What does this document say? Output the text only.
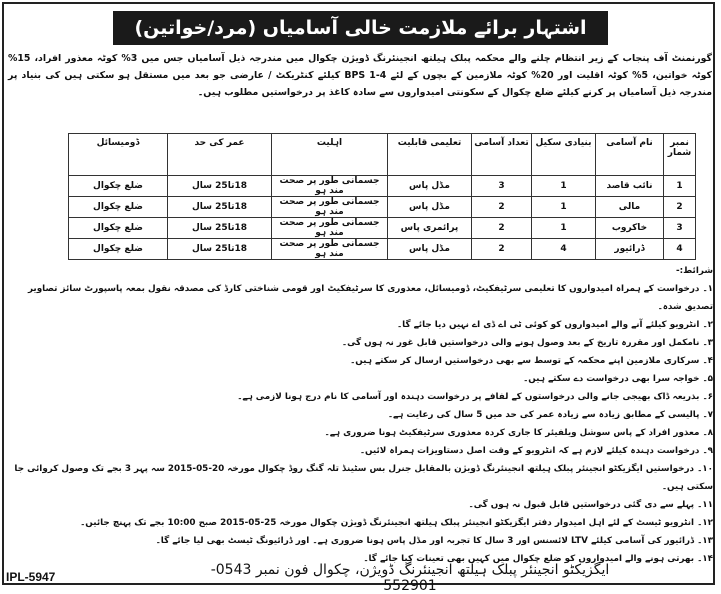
اشتہار برائے ملازمت خالی آسامیاں (مرد/خواتین)
گورنمنٹ آف پنجاب کے زیر انتظام چلنے والے محکمہ پبلک ہیلتھ انجینئرنگ ڈویژن چکوال میں مندرجہ ذیل آسامیاں جس میں 3% کوٹہ معذور افراد، 15% کوٹہ خواتین، 5% کوٹہ اقلیت اور 20% کوٹہ ملازمین کے بچوں کے لئے BPS 1-4 کیلئے کنٹریکٹ / عارضی جو بعد میں مستقل ہو سکتی ہیں کی بنیاد پر مندرجہ ذیل آسامیاں پر کرنے کیلئے ضلع چکوال کے سکونتی امیدواروں سے سادہ کاغذ پر درخواستیں مطلوب ہیں۔
نمبر شمار	نام آسامی	بنیادی سکیل	تعداد آسامی	تعلیمی قابلیت	اہلیت	عمر کی حد	ڈومیسائل
1	نائب قاصد	1	3	مڈل پاس	جسمانی طور پر صحت مند ہو	18تا25 سال	ضلع چکوال
2	مالی	1	2	مڈل پاس	جسمانی طور پر صحت مند ہو	18تا25 سال	ضلع چکوال
3	خاکروب	1	2	پرائمری پاس	جسمانی طور پر صحت مند ہو	18تا25 سال	ضلع چکوال
4	ڈرائیور	4	2	مڈل پاس	جسمانی طور پر صحت مند ہو	18تا25 سال	ضلع چکوال
شرائط:-
۱۔ درخواست کے ہمراہ امیدواروں کا تعلیمی سرٹیفکیٹ، ڈومیسائل، معذوری کا سرٹیفکیٹ اور قومی شناختی کارڈ کی مصدقہ نقول بمعہ پاسپورٹ سائز تصاویر تصدیق شدہ۔
۲۔ انٹرویو کیلئے آنے والے امیدواروں کو کوئی ٹی اے ڈی اے نہیں دیا جائے گا۔
۳۔ نامکمل اور مقررہ تاریخ کے بعد وصول ہونے والی درخواستیں قابل غور نہ ہوں گی۔
۴۔ سرکاری ملازمین اپنے محکمہ کے توسط سے بھی درخواستیں ارسال کر سکتے ہیں۔
۵۔ خواجہ سرا بھی درخواست دے سکتے ہیں۔
۶۔ بذریعہ ڈاک بھیجی جانے والی درخواستوں کے لفافے پر درخواست دہندہ اور آسامی کا نام درج ہونا لازمی ہے۔
۷۔ پالیسی کے مطابق زیادہ سے زیادہ عمر کی حد میں 5 سال کی رعایت ہے۔
۸۔ معذور افراد کے پاس سوشل ویلفیئر کا جاری کردہ معذوری سرٹیفکیٹ ہونا ضروری ہے۔
۹۔ درخواست دہندہ کیلئے لازم ہے کہ انٹرویو کے وقت اصل دستاویزات ہمراہ لائیں۔
۱۰۔ درخواستیں ایگزیکٹو انجینئر پبلک ہیلتھ انجینئرنگ ڈویژن بالمقابل جنرل بس سٹینڈ تلہ گنگ روڈ چکوال مورخہ 20-05-2015 سہ پہر 3 بجے تک وصول کروائی جا سکتی ہیں۔
۱۱۔ پہلے سے دی گئی درخواستیں قابل قبول نہ ہوں گی۔
۱۲۔ انٹرویو ٹیسٹ کے لئے اہل امیدوار دفتر ایگزیکٹو انجینئر پبلک ہیلتھ انجینئرنگ ڈویژن چکوال مورخہ 25-05-2015 صبح 10:00 بجے تک پہنچ جائیں۔
۱۳۔ ڈرائیور کی آسامی کیلئے LTV لائسنس اور 3 سال کا تجربہ اور مڈل پاس ہونا ضروری ہے۔ اور ڈرائیونگ ٹیسٹ بھی لیا جائے گا۔
۱۴۔ بھرتی ہونے والے امیدواروں کو ضلع چکوال میں کہیں بھی تعینات کیا جائے گا۔
ایگزیکٹو انجینئر پبلک ہیلتھ انجینئرنگ ڈویژن، چکوال فون نمبر 0543-552901
IPL-5947
